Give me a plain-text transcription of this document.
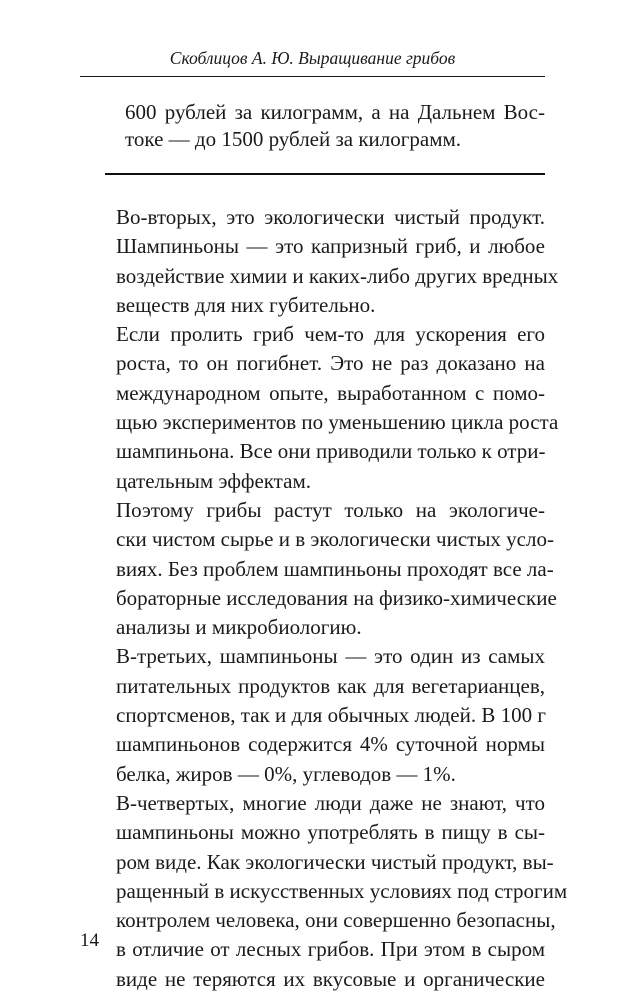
Скоблицов А. Ю. Выращивание грибов

600 рублей за килограмм, а на Дальнем Вос-
токе — до 1500 рублей за килограмм.

Во-вторых, это экологически чистый продукт.
Шампиньоны — это капризный гриб, и любое
воздействие химии и каких-либо других вредных
веществ для них губительно.

Если пролить гриб чем-то для ускорения его
роста, то он погибнет. Это не раз доказано на
международном опыте, выработанном с помо-
щью экспериментов по уменьшению цикла роста
шампиньона. Все они приводили только к отри-
цательным эффектам.

Поэтому грибы растут только на экологиче-
ски чистом сырье и в экологически чистых усло-
виях. Без проблем шампиньоны проходят все ла-
бораторные исследования на физико-химические
анализы и микробиологию.

В-третьих, шампиньоны — это один из самых
питательных продуктов как для вегетарианцев,
спортсменов, так и для обычных людей. В 100 г
шампиньонов содержится 4% суточной нормы
белка, жиров — 0%, углеводов — 1%.

В-четвертых, многие люди даже не знают, что
шампиньоны можно употреблять в пищу в сы-
ром виде. Как экологически чистый продукт, вы-
ращенный в искусственных условиях под строгим
контролем человека, они совершенно безопасны,
в отличие от лесных грибов. При этом в сыром
виде не теряются их вкусовые и органические

14
